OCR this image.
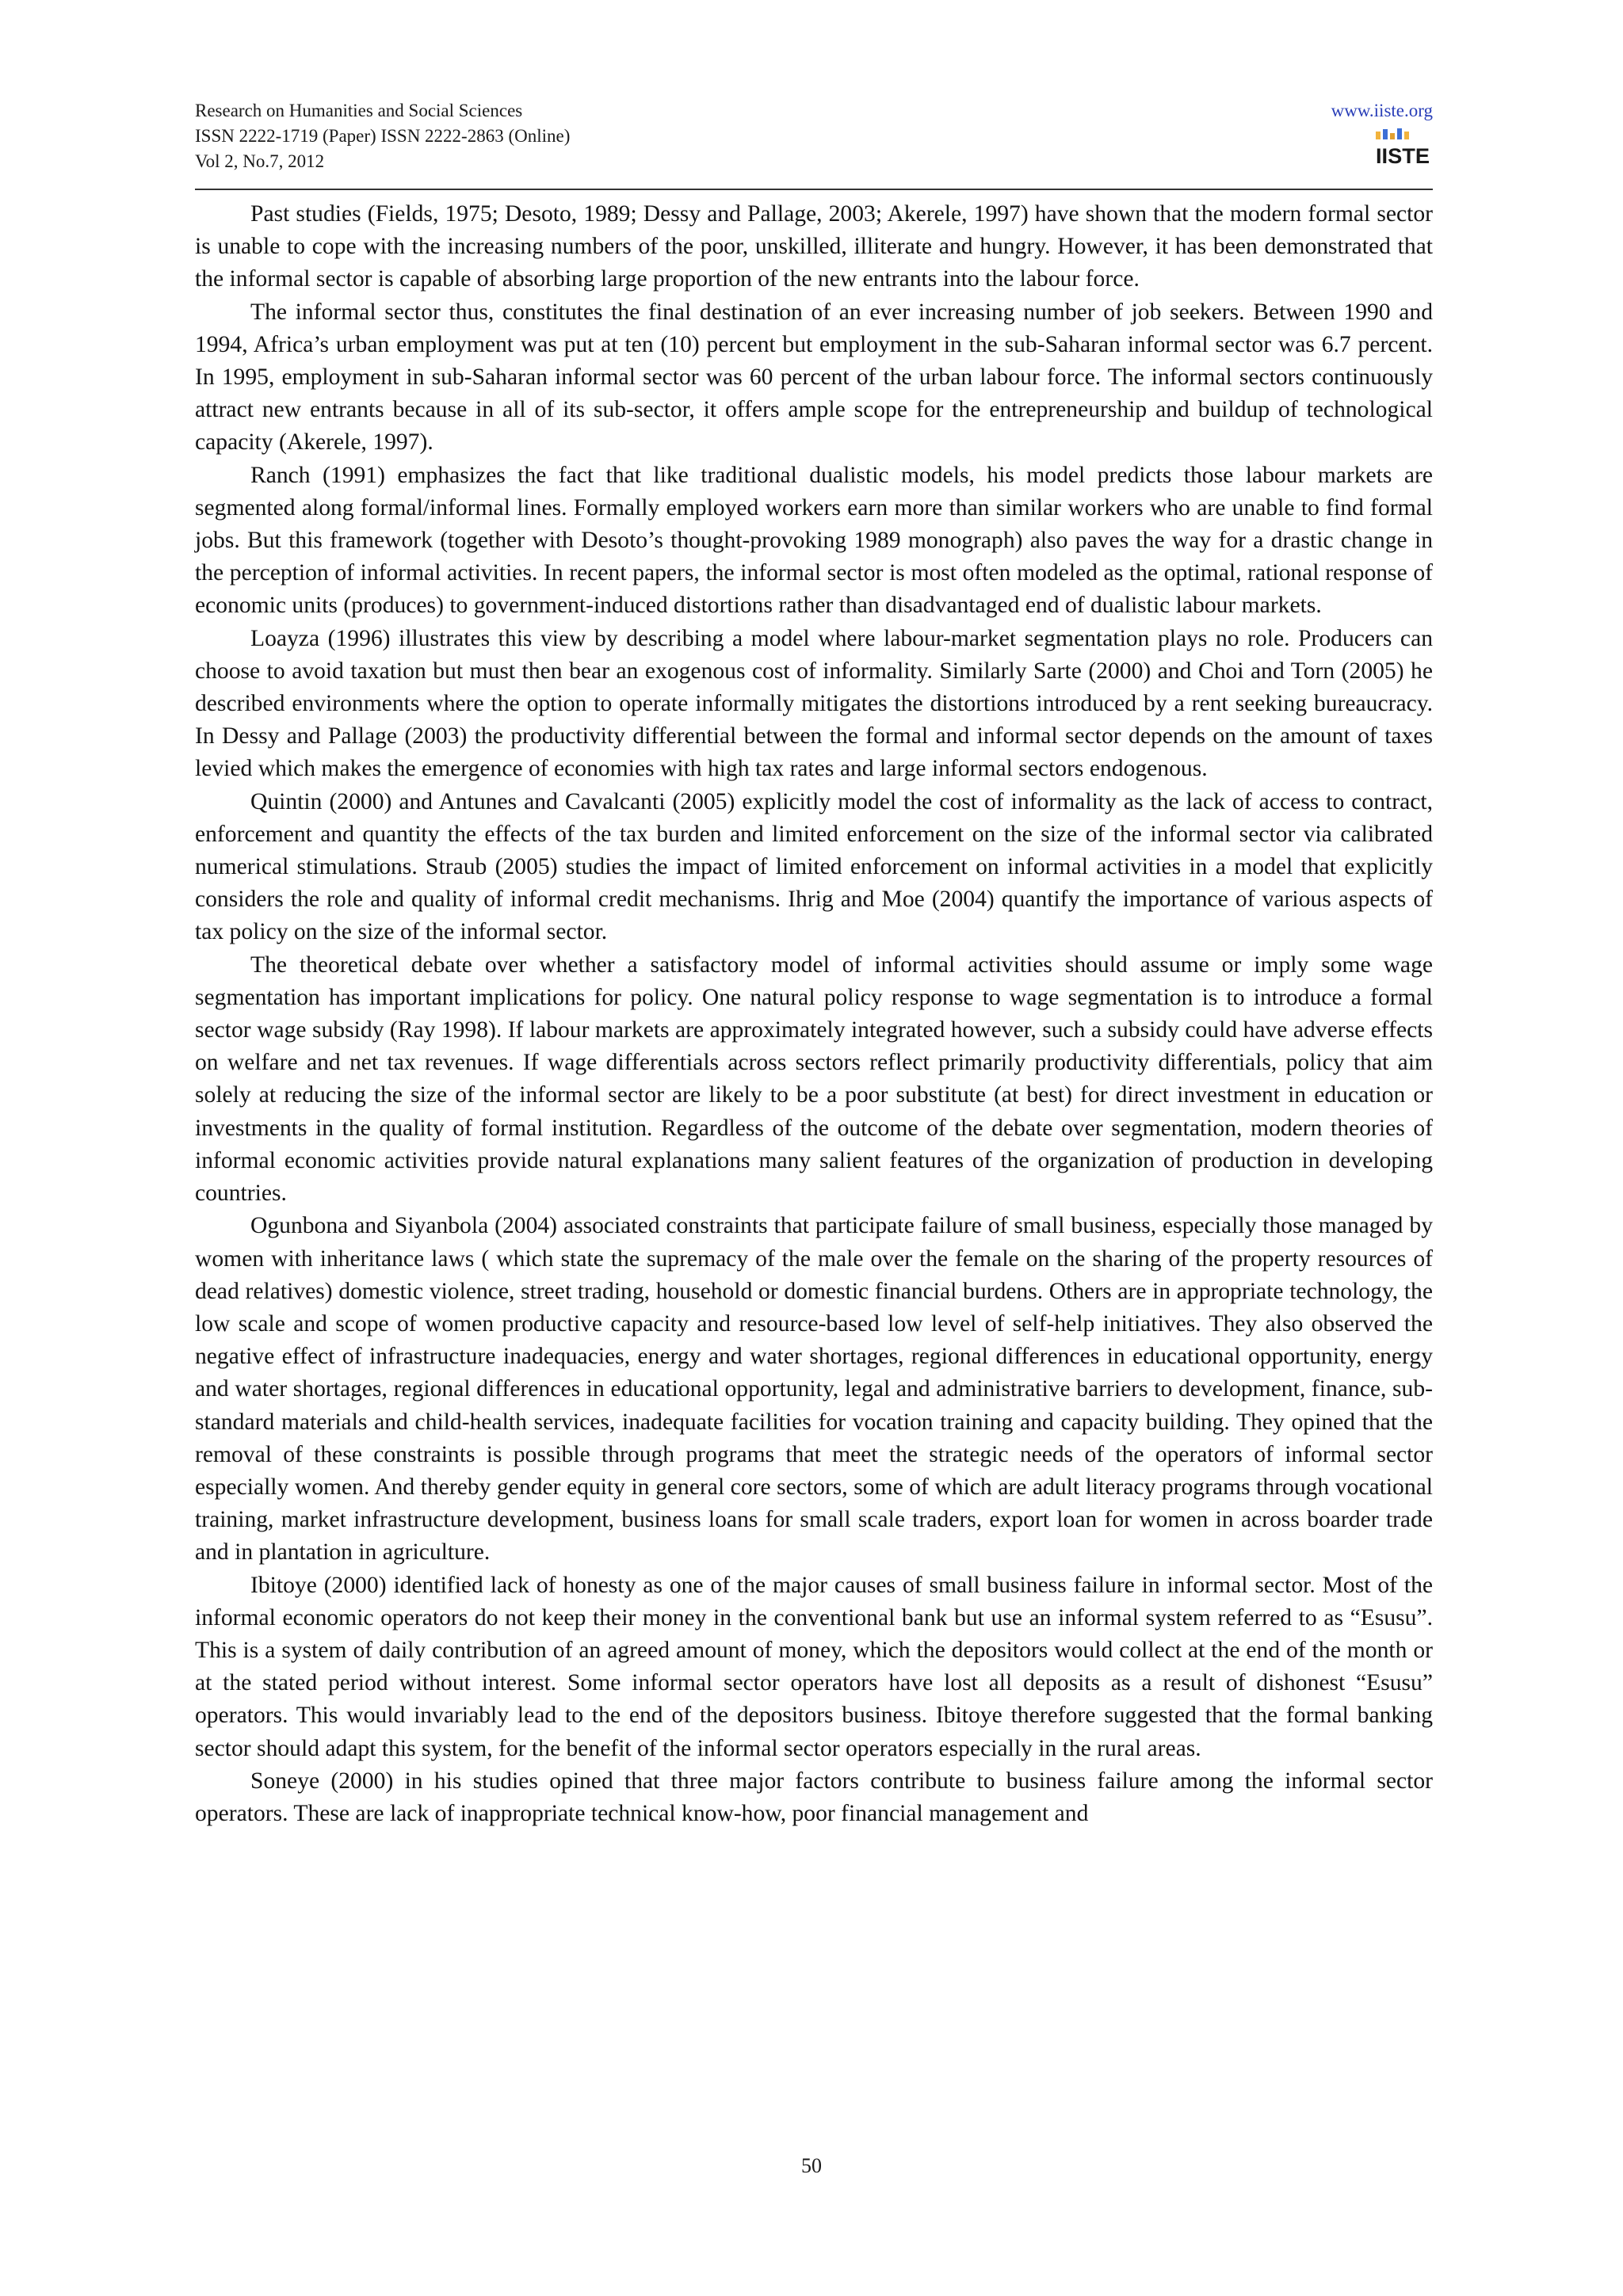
Research on Humanities and Social Sciences
ISSN 2222-1719 (Paper) ISSN 2222-2863 (Online)
Vol 2, No.7, 2012
www.iiste.org
IISTE

Past studies (Fields, 1975; Desoto, 1989; Dessy and Pallage, 2003; Akerele, 1997) have shown that the modern formal sector is unable to cope with the increasing numbers of the poor, unskilled, illiterate and hungry. However, it has been demonstrated that the informal sector is capable of absorbing large proportion of the new entrants into the labour force.

The informal sector thus, constitutes the final destination of an ever increasing number of job seekers. Between 1990 and 1994, Africa’s urban employment was put at ten (10) percent but employment in the sub-Saharan informal sector was 6.7 percent. In 1995, employment in sub-Saharan informal sector was 60 percent of the urban labour force. The informal sectors continuously attract new entrants because in all of its sub-sector, it offers ample scope for the entrepreneurship and buildup of technological capacity (Akerele, 1997).

Ranch (1991) emphasizes the fact that like traditional dualistic models, his model predicts those labour markets are segmented along formal/informal lines. Formally employed workers earn more than similar workers who are unable to find formal jobs. But this framework (together with Desoto’s thought-provoking 1989 monograph) also paves the way for a drastic change in the perception of informal activities. In recent papers, the informal sector is most often modeled as the optimal, rational response of economic units (produces) to government-induced distortions rather than disadvantaged end of dualistic labour markets.

Loayza (1996) illustrates this view by describing a model where labour-market segmentation plays no role. Producers can choose to avoid taxation but must then bear an exogenous cost of informality. Similarly Sarte (2000) and Choi and Torn (2005) he described environments where the option to operate informally mitigates the distortions introduced by a rent seeking bureaucracy. In Dessy and Pallage (2003) the productivity differential between the formal and informal sector depends on the amount of taxes levied which makes the emergence of economies with high tax rates and large informal sectors endogenous.

Quintin (2000) and Antunes and Cavalcanti (2005) explicitly model the cost of informality as the lack of access to contract, enforcement and quantity the effects of the tax burden and limited enforcement on the size of the informal sector via calibrated numerical stimulations. Straub (2005) studies the impact of limited enforcement on informal activities in a model that explicitly considers the role and quality of informal credit mechanisms. Ihrig and Moe (2004) quantify the importance of various aspects of tax policy on the size of the informal sector.

The theoretical debate over whether a satisfactory model of informal activities should assume or imply some wage segmentation has important implications for policy. One natural policy response to wage segmentation is to introduce a formal sector wage subsidy (Ray 1998). If labour markets are approximately integrated however, such a subsidy could have adverse effects on welfare and net tax revenues. If wage differentials across sectors reflect primarily productivity differentials, policy that aim solely at reducing the size of the informal sector are likely to be a poor substitute (at best) for direct investment in education or investments in the quality of formal institution. Regardless of the outcome of the debate over segmentation, modern theories of informal economic activities provide natural explanations many salient features of the organization of production in developing countries.

Ogunbona and Siyanbola (2004) associated constraints that participate failure of small business, especially those managed by women with inheritance laws ( which state the supremacy of the male over the female on the sharing of the property resources of dead relatives) domestic violence, street trading, household or domestic financial burdens. Others are in appropriate technology, the low scale and scope of women productive capacity and resource-based low level of self-help initiatives. They also observed the negative effect of infrastructure inadequacies, energy and water shortages, regional differences in educational opportunity, energy and water shortages, regional differences in educational opportunity, legal and administrative barriers to development, finance, sub-standard materials and child-health services, inadequate facilities for vocation training and capacity building. They opined that the removal of these constraints is possible through programs that meet the strategic needs of the operators of informal sector especially women. And thereby gender equity in general core sectors, some of which are adult literacy programs through vocational training, market infrastructure development, business loans for small scale traders, export loan for women in across boarder trade and in plantation in agriculture.

Ibitoye (2000) identified lack of honesty as one of the major causes of small business failure in informal sector. Most of the informal economic operators do not keep their money in the conventional bank but use an informal system referred to as “Esusu”. This is a system of daily contribution of an agreed amount of money, which the depositors would collect at the end of the month or at the stated period without interest. Some informal sector operators have lost all deposits as a result of dishonest “Esusu” operators. This would invariably lead to the end of the depositors business. Ibitoye therefore suggested that the formal banking sector should adapt this system, for the benefit of the informal sector operators especially in the rural areas.

Soneye (2000) in his studies opined that three major factors contribute to business failure among the informal sector operators. These are lack of inappropriate technical know-how, poor financial management and

50
